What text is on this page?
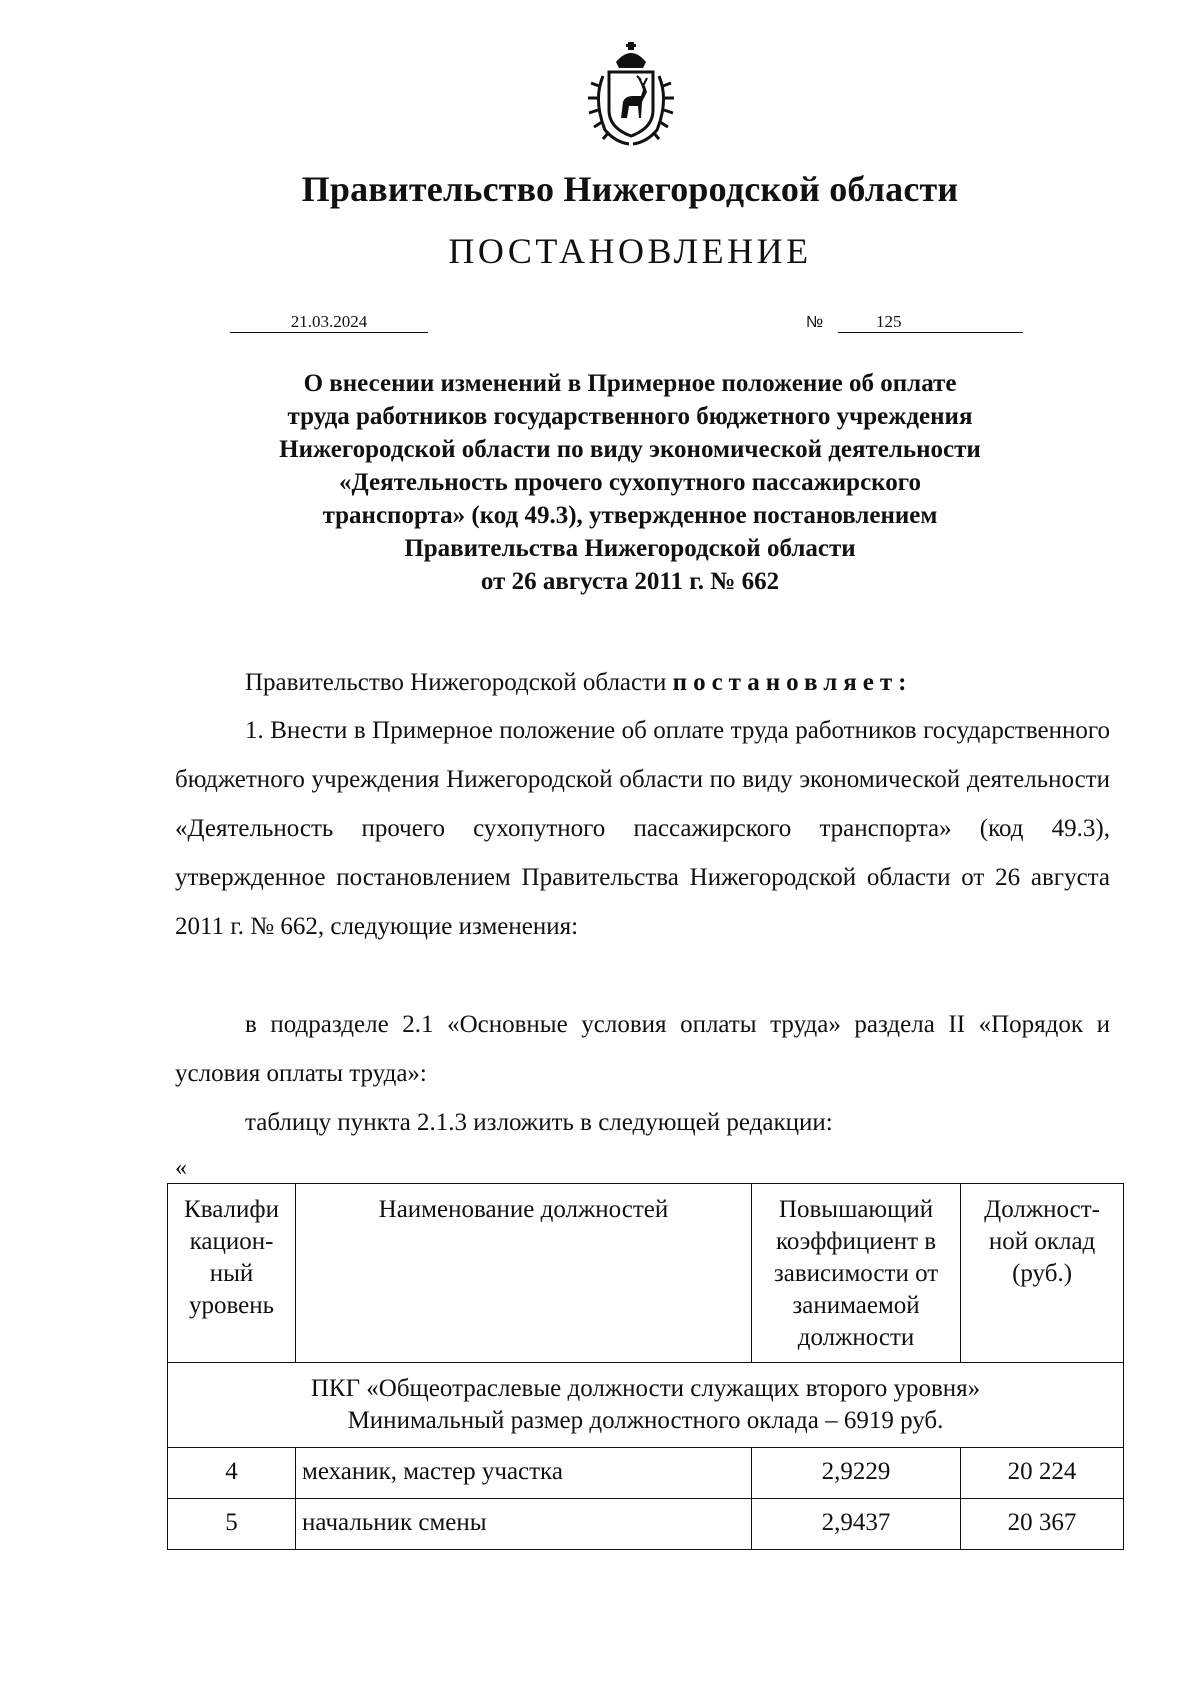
Правительство Нижегородской области
ПОСТАНОВЛЕНИЕ
21.03.2024	№	125
О внесении изменений в Примерное положение об оплате
труда работников государственного бюджетного учреждения
Нижегородской области по виду экономической деятельности
«Деятельность прочего сухопутного пассажирского
транспорта» (код 49.3), утвержденное постановлением
Правительства Нижегородской области
от 26 августа 2011 г. № 662

Правительство Нижегородской области постановляет:

1. Внести в Примерное положение об оплате труда работников государственного бюджетного учреждения Нижегородской области по виду экономической деятельности «Деятельность прочего сухопутного пассажирского транспорта» (код 49.3), утвержденное постановлением Правительства Нижегородской области от 26 августа 2011 г. № 662, следующие изменения:

в подразделе 2.1 «Основные условия оплаты труда» раздела II «Порядок и условия оплаты труда»:

таблицу пункта 2.1.3 изложить в следующей редакции:

«
Квалифи кацион-ный уровень	Наименование должностей	Повышающий коэффициент в зависимости от занимаемой должности	Должност-ной оклад (руб.)

ПКГ «Общеотраслевые должности служащих второго уровня»
Минимальный размер должностного оклада – 6919 руб.			

4	механик, мастер участка	2,9229	20 224
5	начальник смены	2,9437	20 367
